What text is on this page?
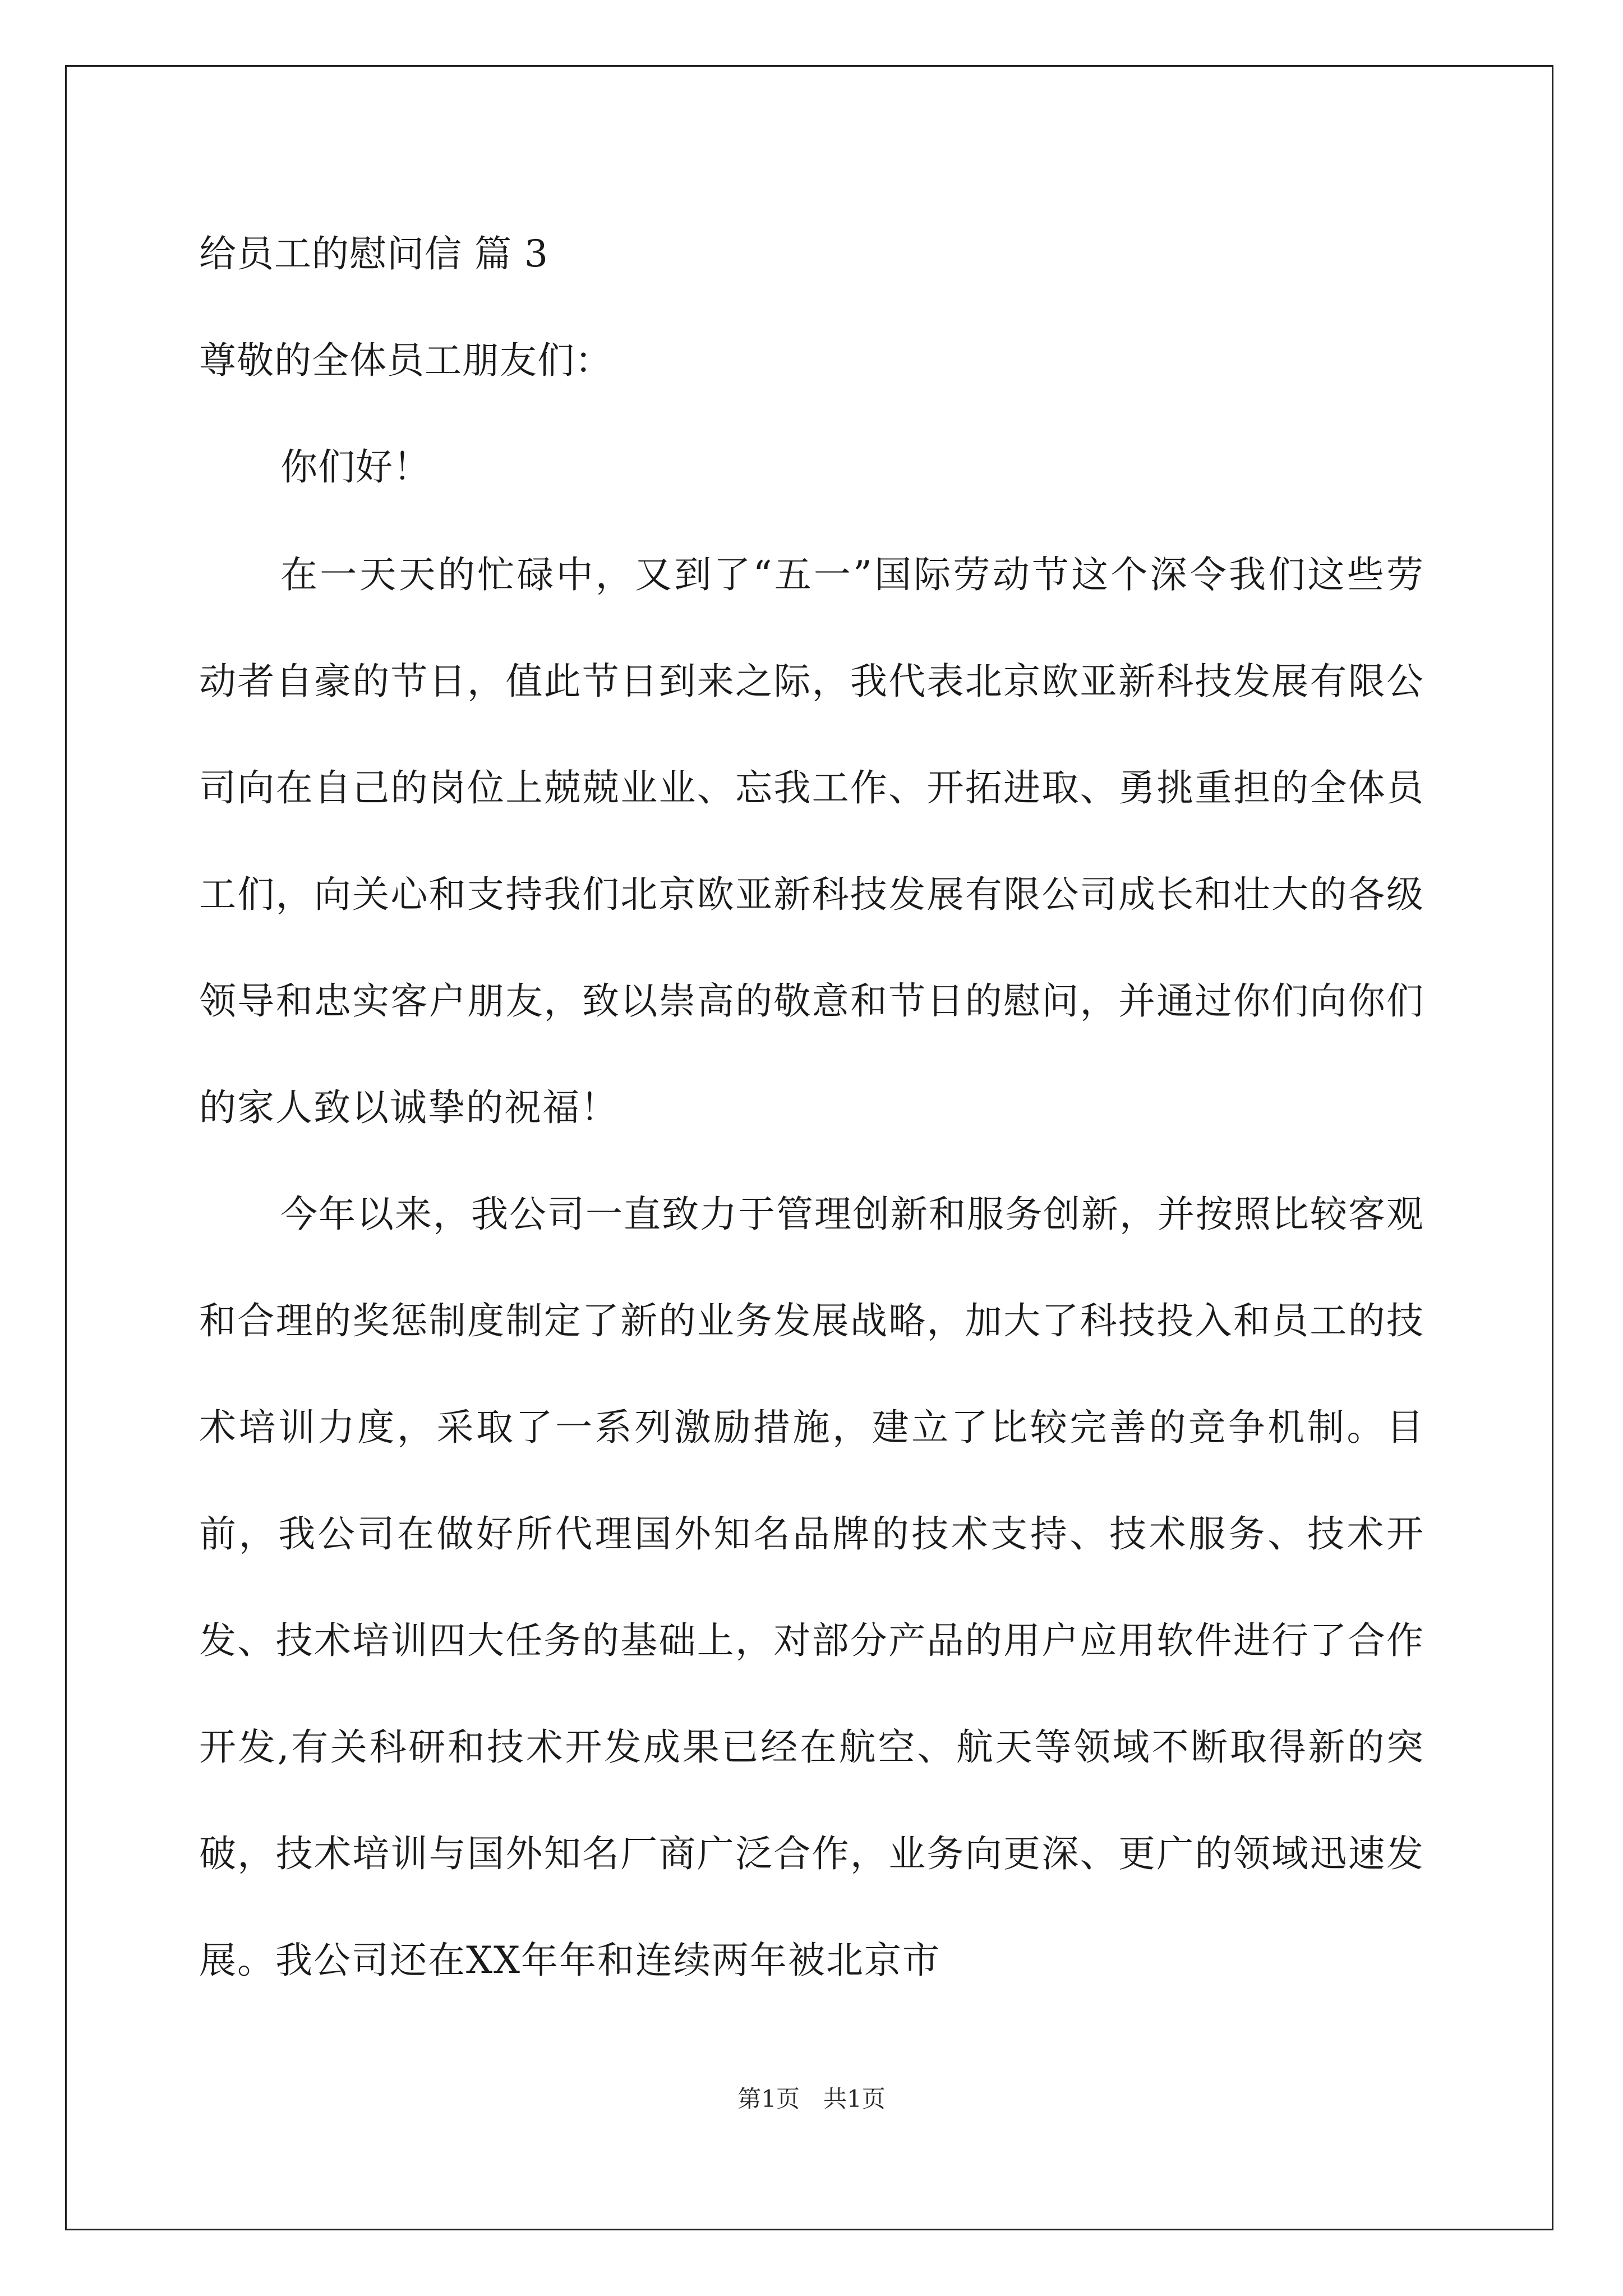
给员工的慰问信 篇 3

尊敬的全体员工朋友们：

你们好！

在一天天的忙碌中，又到了“五一”国际劳动节这个深令我们这些劳动者自豪的节日，值此节日到来之际，我代表北京欧亚新科技发展有限公司向在自己的岗位上兢兢业业、忘我工作、开拓进取、勇挑重担的全体员工们，向关心和支持我们北京欧亚新科技发展有限公司成长和壮大的各级领导和忠实客户朋友，致以崇高的敬意和节日的慰问，并通过你们向你们的家人致以诚挚的祝福！

今年以来，我公司一直致力于管理创新和服务创新，并按照比较客观和合理的奖惩制度制定了新的业务发展战略，加大了科技投入和员工的技术培训力度，采取了一系列激励措施，建立了比较完善的竞争机制。目前，我公司在做好所代理国外知名品牌的技术支持、技术服务、技术开发、技术培训四大任务的基础上，对部分产品的用户应用软件进行了合作开发,有关科研和技术开发成果已经在航空、航天等领域不断取得新的突破，技术培训与国外知名厂商广泛合作，业务向更深、更广的领域迅速发展。我公司还在XX年年和连续两年被北京市

第1页　共1页
